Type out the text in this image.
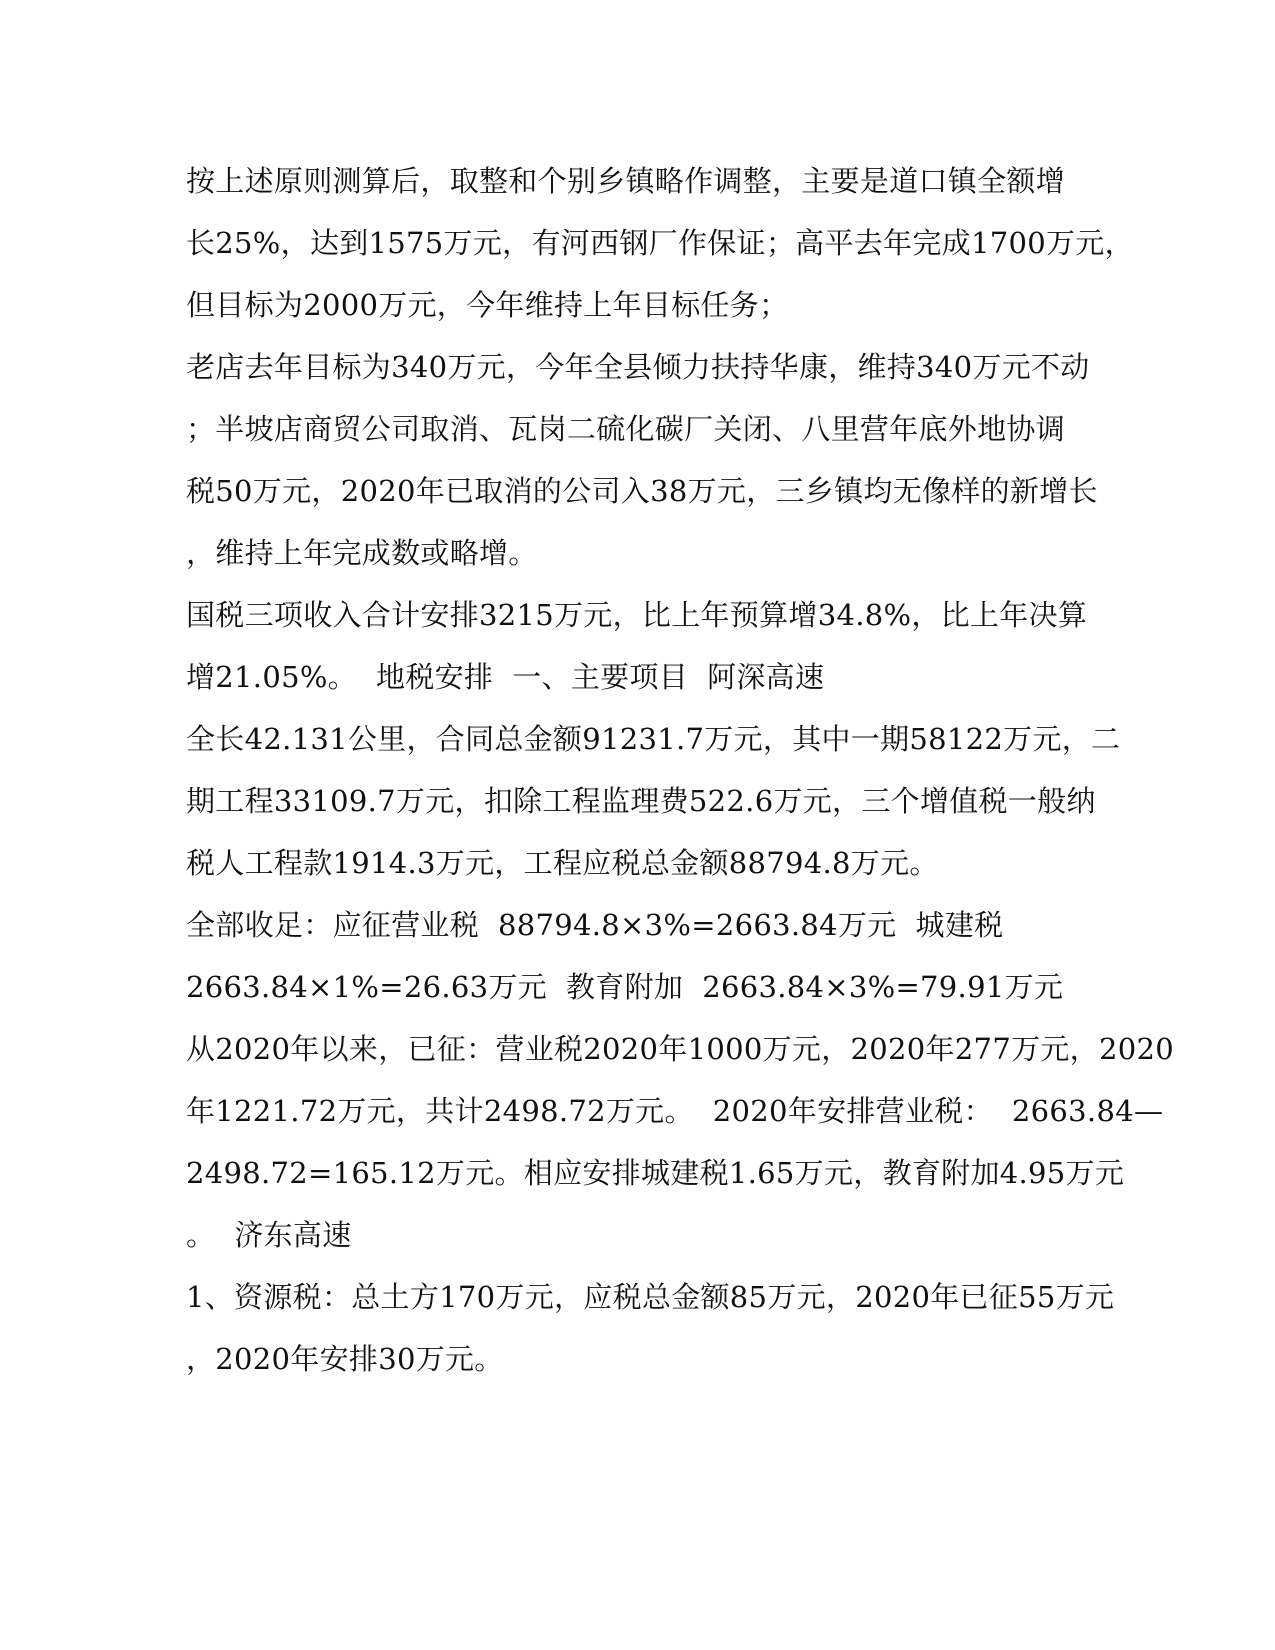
按上述原则测算后，取整和个别乡镇略作调整，主要是道口镇全额增
长25%，达到1575万元，有河西钢厂作保证；高平去年完成1700万元，
但目标为2000万元，今年维持上年目标任务；
老店去年目标为340万元，今年全县倾力扶持华康，维持340万元不动
；半坡店商贸公司取消、瓦岗二硫化碳厂关闭、八里营年底外地协调
税50万元，2020年已取消的公司入38万元，三乡镇均无像样的新增长
，维持上年完成数或略增。
国税三项收入合计安排3215万元，比上年预算增34.8%，比上年决算
增21.05%。  地税安排  一、主要项目  阿深高速
全长42.131公里，合同总金额91231.7万元，其中一期58122万元，二
期工程33109.7万元，扣除工程监理费522.6万元，三个增值税一般纳
税人工程款1914.3万元，工程应税总金额88794.8万元。
全部收足：应征营业税  88794.8×3%=2663.84万元  城建税
2663.84×1%=26.63万元  教育附加  2663.84×3%=79.91万元
从2020年以来，已征：营业税2020年1000万元，2020年277万元，2020
年1221.72万元，共计2498.72万元。  2020年安排营业税：  2663.84—
2498.72=165.12万元。相应安排城建税1.65万元，教育附加4.95万元
。  济东高速
1、资源税：总土方170万元，应税总金额85万元，2020年已征55万元
，2020年安排30万元。
